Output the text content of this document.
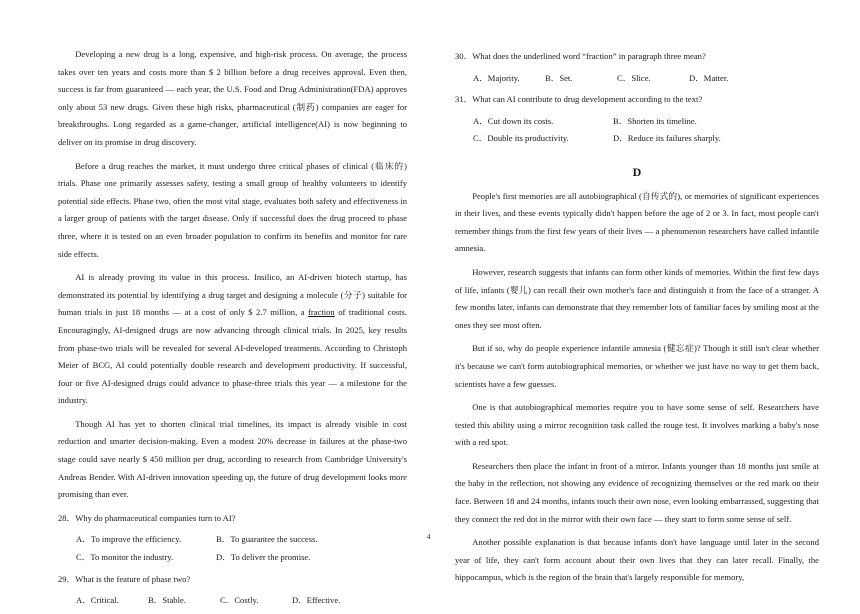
Developing a new drug is a long, expensive, and high-risk process. On average, the process takes over ten years and costs more than $ 2 billion before a drug receives approval. Even then, success is far from guaranteed — each year, the U.S. Food and Drug Administration(FDA) approves only about 53 new drugs. Given these high risks, pharmaceutical (制药) companies are eager for breakthroughs. Long regarded as a game-changer, artificial intelligence(AI) is now beginning to deliver on its promise in drug discovery.

Before a drug reaches the market, it must undergo three critical phases of clinical (临床的) trials. Phase one primarily assesses safety, testing a small group of healthy volunteers to identify potential side effects. Phase two, often the most vital stage, evaluates both safety and effectiveness in a larger group of patients with the target disease. Only if successful does the drug proceed to phase three, where it is tested on an even broader population to confirm its benefits and monitor for rare side effects.

AI is already proving its value in this process. Insilico, an AI-driven biotech startup, has demonstrated its potential by identifying a drug target and designing a molecule (分子) suitable for human trials in just 18 months — at a cost of only $ 2.7 million, a fraction of traditional costs. Encouragingly, AI-designed drugs are now advancing through clinical trials. In 2025, key results from phase-two trials will be revealed for several AI-developed treatments. According to Christoph Meier of BCG, AI could potentially double research and development productivity. If successful, four or five AI-designed drugs could advance to phase-three trials this year — a milestone for the industry.

Though AI has yet to shorten clinical trial timelines, its impact is already visible in cost reduction and smarter decision-making. Even a modest 20% decrease in failures at the phase-two stage could save nearly $ 450 million per drug, according to research from Cambridge University's Andreas Bender. With AI-driven innovation speeding up, the future of drug development looks more promising than ever.

28．Why do pharmaceutical companies turn to AI?
A．To improve the efficiency.	B．To guarantee the success.
C．To monitor the industry.	D．To deliver the promise.
29．What is the feature of phase two?
A．Critical.	B．Stable.	C．Costly.	D．Effective.
30．What does the underlined word “fraction” in paragraph three mean?
A．Majority.	B．Set.	C．Slice.	D．Matter.
31．What can AI contribute to drug development according to the text?
A．Cut down its costs.	B．Shorten its timeline.
C．Double its productivity.	D．Reduce its failures sharply.
D

People's first memories are all autobiographical (自传式的), or memories of significant experiences in their lives, and these events typically didn't happen before the age of 2 or 3. In fact, most people can't remember things from the first few years of their lives — a phenomenon researchers have called infantile amnesia.

However, research suggests that infants can form other kinds of memories. Within the first few days of life, infants (婴儿) can recall their own mother's face and distinguish it from the face of a stranger. A few months later, infants can demonstrate that they remember lots of familiar faces by smiling most at the ones they see most often.

But if so, why do people experience infantile amnesia (健忘症)? Though it still isn't clear whether it's because we can't form autobiographical memories, or whether we just have no way to get them back, scientists have a few guesses.

One is that autobiographical memories require you to have some sense of self. Researchers have tested this ability using a mirror recognition task called the rouge test. It involves marking a baby's nose with a red spot.

Researchers then place the infant in front of a mirror. Infants younger than 18 months just smile at the baby in the reflection, not showing any evidence of recognizing themselves or the red mark on their face. Between 18 and 24 months, infants touch their own nose, even looking embarrassed, suggesting that they connect the red dot in the mirror with their own face — they start to form some sense of self.

Another possible explanation is that because infants don't have language until later in the second year of life, they can't form account about their own lives that they can later recall. Finally, the hippocampus, which is the region of the brain that's largely responsible for memory,

4
